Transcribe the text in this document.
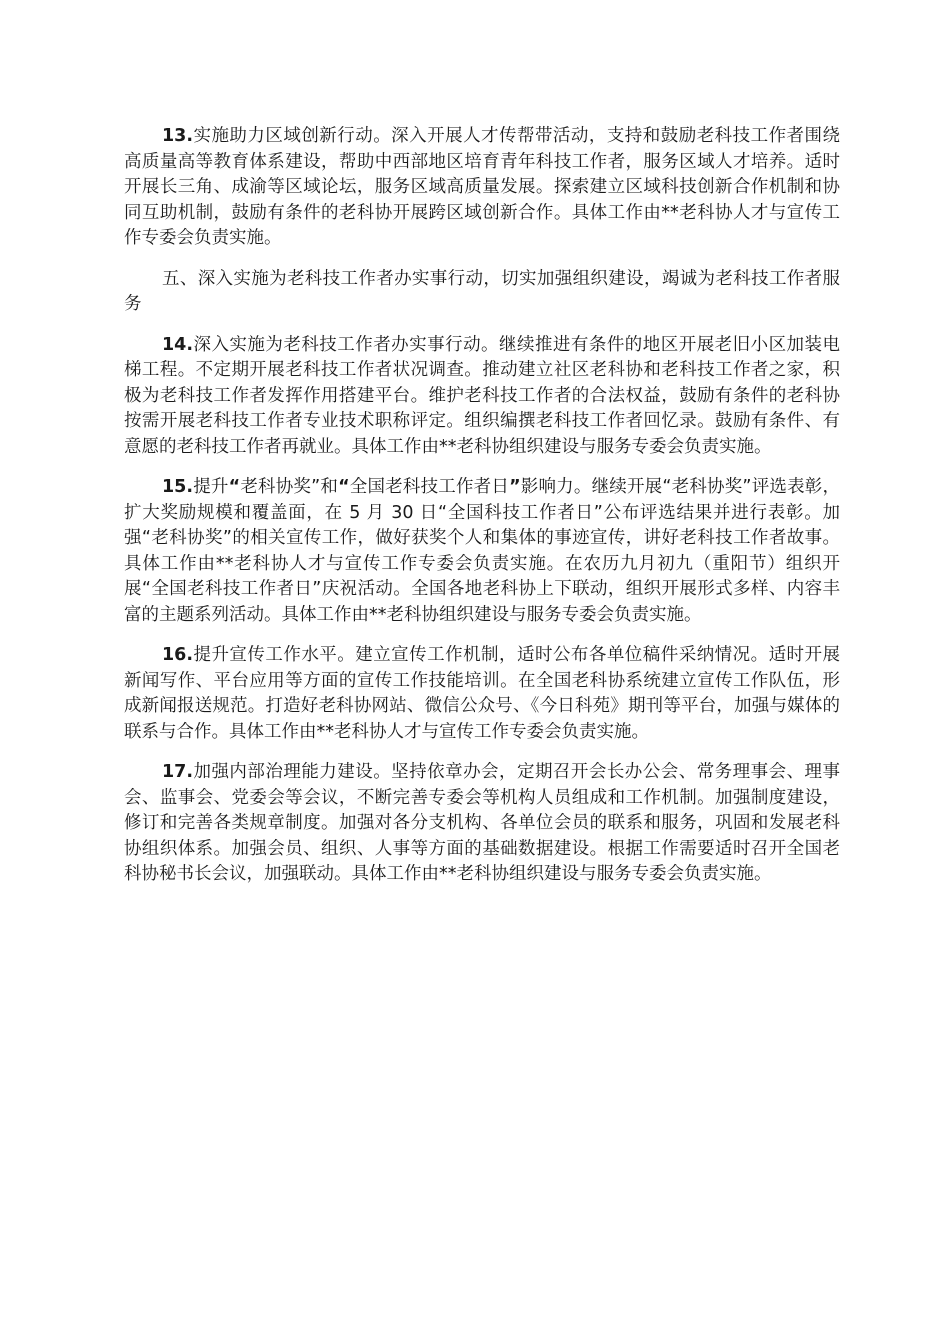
13.实施助力区域创新行动。深入开展人才传帮带活动，支持和鼓励老科技工作者围绕高质量高等教育体系建设，帮助中西部地区培育青年科技工作者，服务区域人才培养。适时开展长三角、成渝等区域论坛，服务区域高质量发展。探索建立区域科技创新合作机制和协同互助机制，鼓励有条件的老科协开展跨区域创新合作。具体工作由**老科协人才与宣传工作专委会负责实施。

五、深入实施为老科技工作者办实事行动，切实加强组织建设，竭诚为老科技工作者服务

14.深入实施为老科技工作者办实事行动。继续推进有条件的地区开展老旧小区加装电梯工程。不定期开展老科技工作者状况调查。推动建立社区老科协和老科技工作者之家，积极为老科技工作者发挥作用搭建平台。维护老科技工作者的合法权益，鼓励有条件的老科协按需开展老科技工作者专业技术职称评定。组织编撰老科技工作者回忆录。鼓励有条件、有意愿的老科技工作者再就业。具体工作由**老科协组织建设与服务专委会负责实施。

15.提升“老科协奖”和“全国老科技工作者日”影响力。继续开展“老科协奖”评选表彰，扩大奖励规模和覆盖面，在 5 月 30 日“全国科技工作者日”公布评选结果并进行表彰。加强“老科协奖”的相关宣传工作，做好获奖个人和集体的事迹宣传，讲好老科技工作者故事。具体工作由**老科协人才与宣传工作专委会负责实施。在农历九月初九（重阳节）组织开展“全国老科技工作者日”庆祝活动。全国各地老科协上下联动，组织开展形式多样、内容丰富的主题系列活动。具体工作由**老科协组织建设与服务专委会负责实施。

16.提升宣传工作水平。建立宣传工作机制，适时公布各单位稿件采纳情况。适时开展新闻写作、平台应用等方面的宣传工作技能培训。在全国老科协系统建立宣传工作队伍，形成新闻报送规范。打造好老科协网站、微信公众号、《今日科苑》期刊等平台，加强与媒体的联系与合作。具体工作由**老科协人才与宣传工作专委会负责实施。

17.加强内部治理能力建设。坚持依章办会，定期召开会长办公会、常务理事会、理事会、监事会、党委会等会议，不断完善专委会等机构人员组成和工作机制。加强制度建设，修订和完善各类规章制度。加强对各分支机构、各单位会员的联系和服务，巩固和发展老科协组织体系。加强会员、组织、人事等方面的基础数据建设。根据工作需要适时召开全国老科协秘书长会议，加强联动。具体工作由**老科协组织建设与服务专委会负责实施。
